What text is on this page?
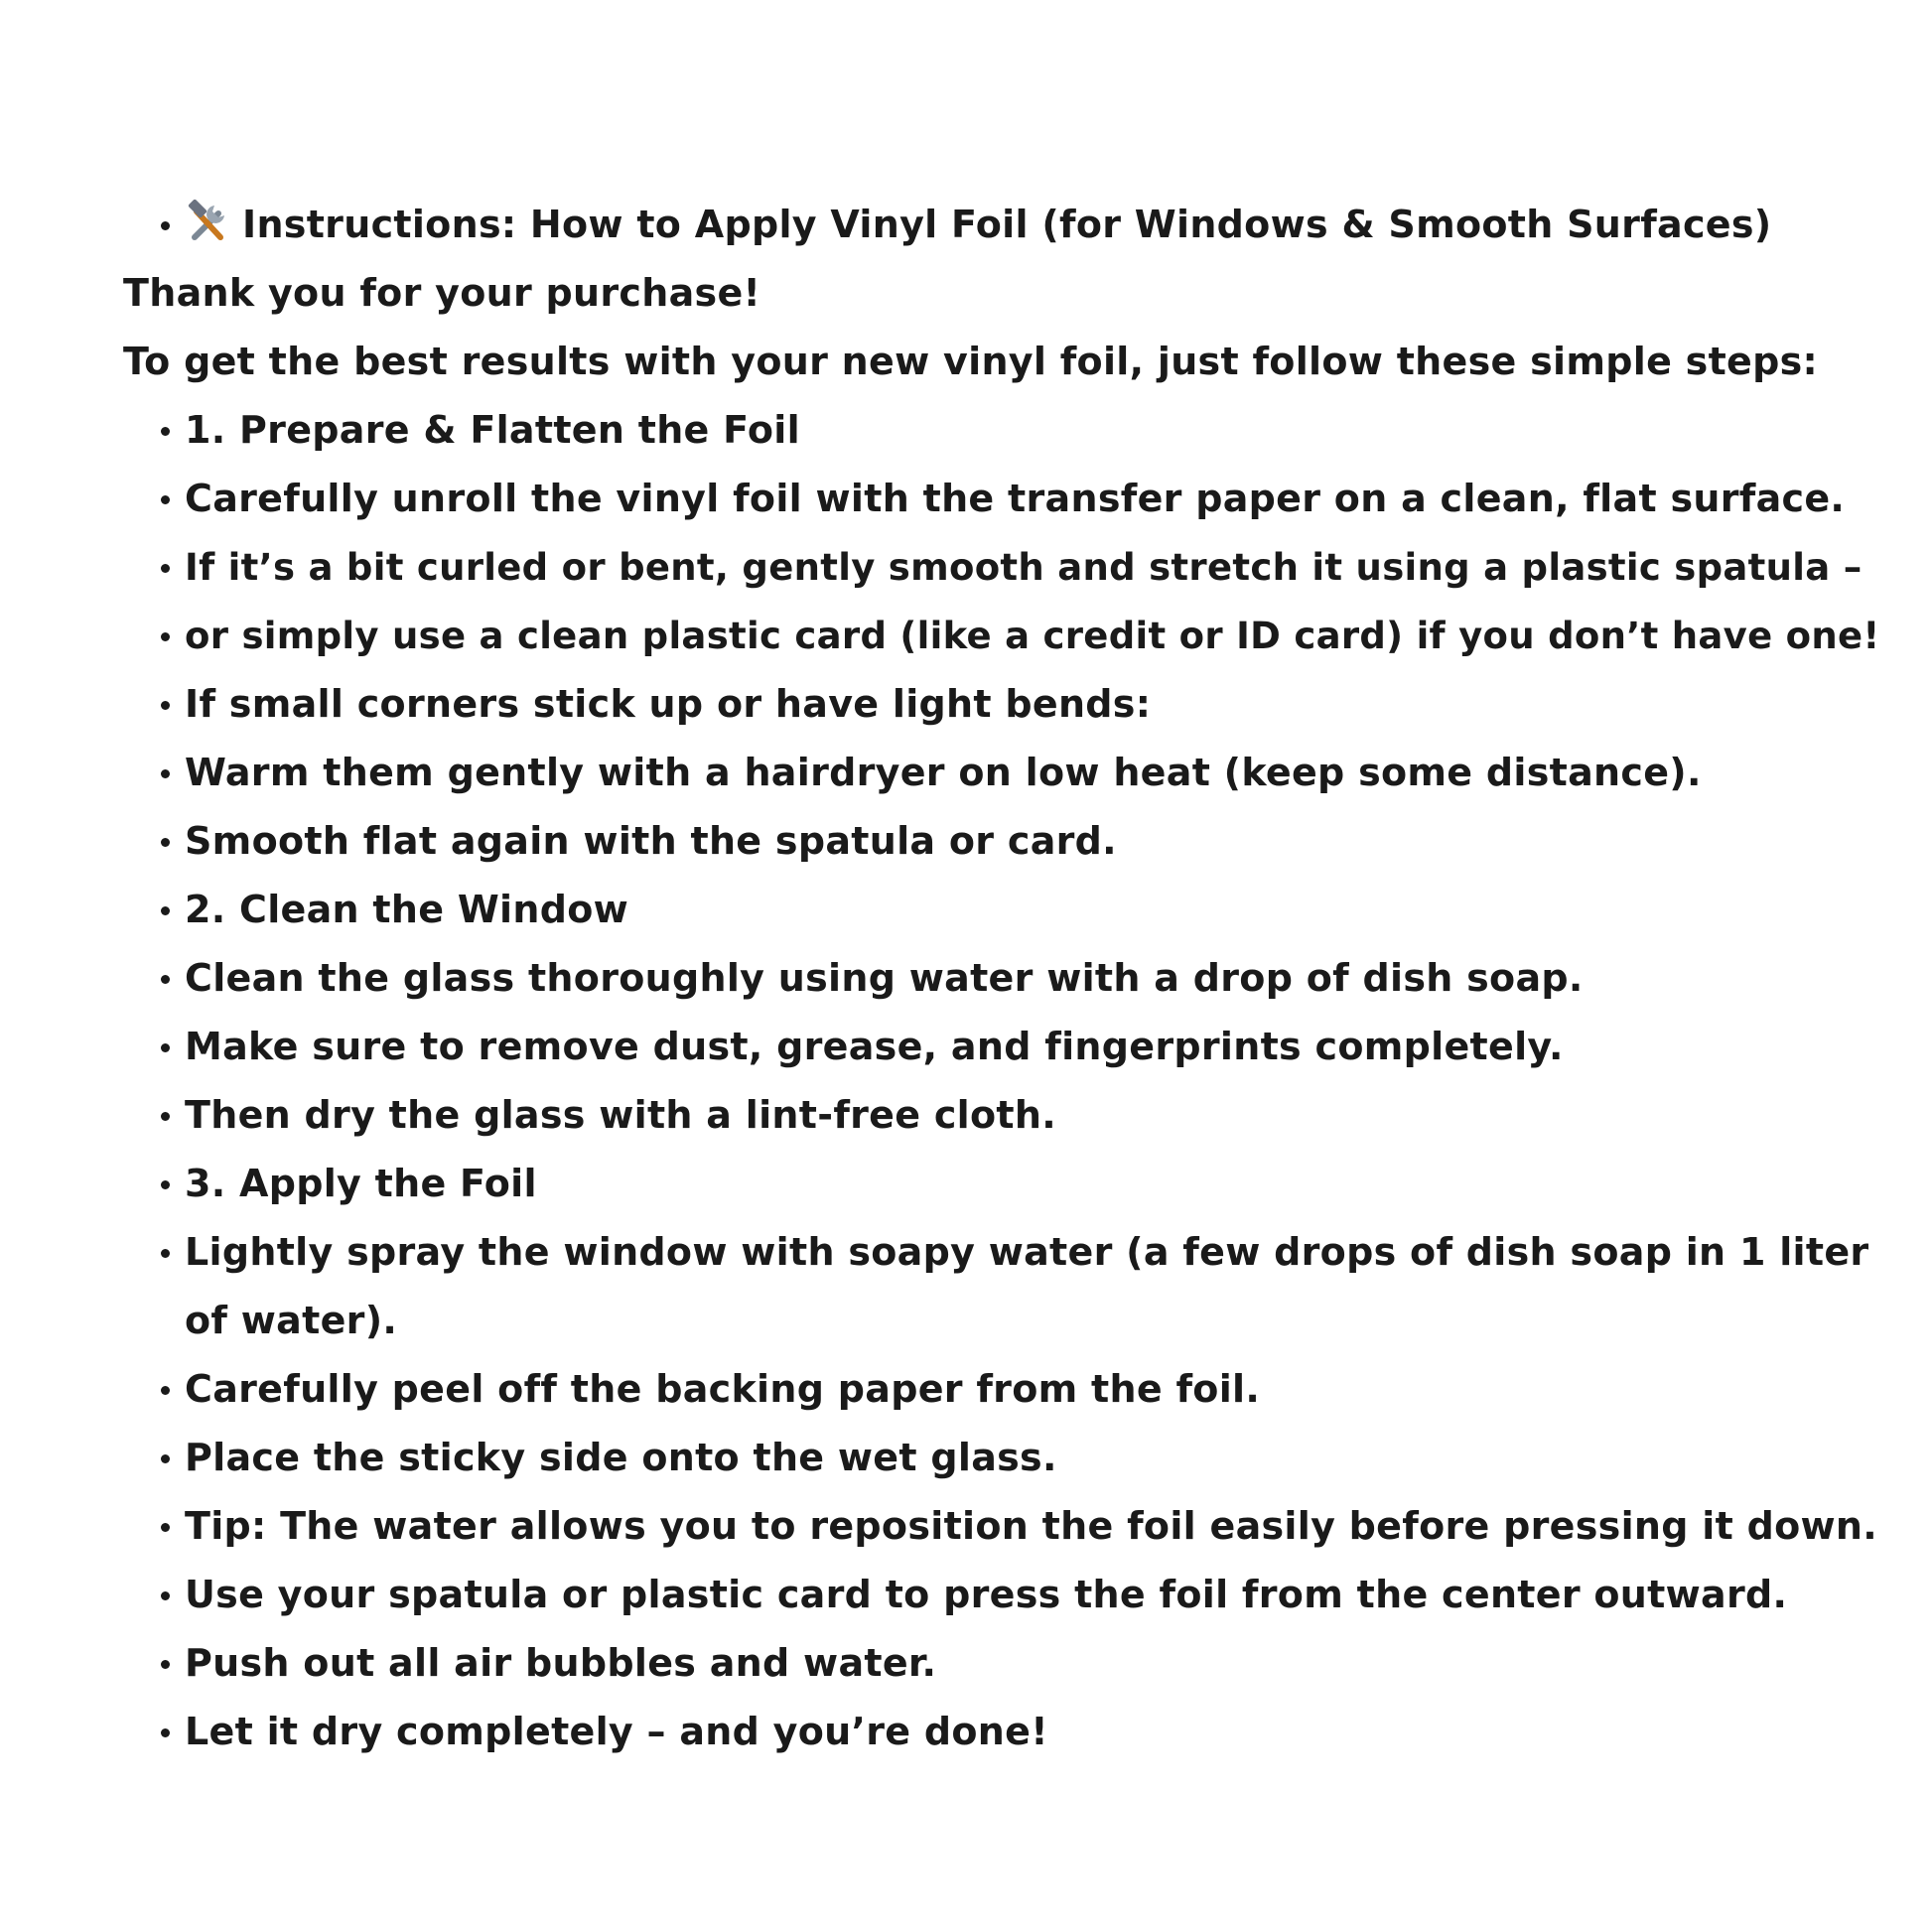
Instructions: How to Apply Vinyl Foil (for Windows & Smooth Surfaces)
Thank you for your purchase!
To get the best results with your new vinyl foil, just follow these simple steps:
1. Prepare & Flatten the Foil
Carefully unroll the vinyl foil with the transfer paper on a clean, flat surface.
If it’s a bit curled or bent, gently smooth and stretch it using a plastic spatula –
or simply use a clean plastic card (like a credit or ID card) if you don’t have one!
If small corners stick up or have light bends:
Warm them gently with a hairdryer on low heat (keep some distance).
Smooth flat again with the spatula or card.
2. Clean the Window
Clean the glass thoroughly using water with a drop of dish soap.
Make sure to remove dust, grease, and fingerprints completely.
Then dry the glass with a lint-free cloth.
3. Apply the Foil
Lightly spray the window with soapy water (a few drops of dish soap in 1 liter
of water).
Carefully peel off the backing paper from the foil.
Place the sticky side onto the wet glass.
Tip: The water allows you to reposition the foil easily before pressing it down.
Use your spatula or plastic card to press the foil from the center outward.
Push out all air bubbles and water.
Let it dry completely – and you’re done!
